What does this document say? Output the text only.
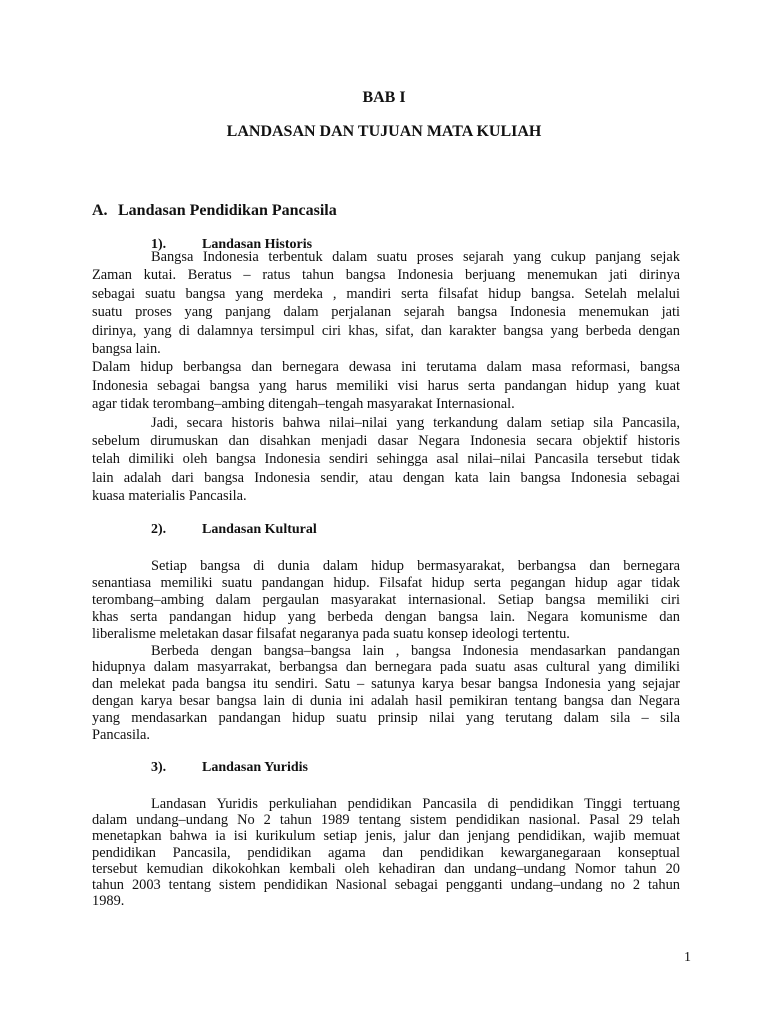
BAB I
LANDASAN DAN TUJUAN MATA KULIAH
A. Landasan Pendidikan Pancasila
1).	Landasan Historis
Bangsa Indonesia terbentuk dalam suatu proses sejarah yang cukup panjang sejak
Zaman kutai. Beratus – ratus tahun bangsa Indonesia berjuang menemukan jati dirinya
sebagai suatu bangsa yang merdeka , mandiri serta filsafat hidup bangsa. Setelah melalui
suatu proses yang panjang dalam perjalanan sejarah bangsa Indonesia menemukan jati
dirinya, yang di dalamnya tersimpul ciri khas, sifat, dan karakter bangsa yang berbeda dengan
bangsa lain.
Dalam hidup berbangsa dan bernegara dewasa ini terutama dalam masa reformasi, bangsa
Indonesia sebagai bangsa yang harus memiliki visi harus serta pandangan hidup yang kuat
agar tidak terombang–ambing ditengah–tengah masyarakat Internasional.
Jadi, secara historis bahwa nilai–nilai yang terkandung dalam setiap sila Pancasila,
sebelum dirumuskan dan disahkan menjadi dasar Negara Indonesia secara objektif historis
telah dimiliki oleh bangsa Indonesia sendiri sehingga asal nilai–nilai Pancasila tersebut tidak
lain adalah dari bangsa Indonesia sendir, atau dengan kata lain bangsa Indonesia sebagai
kuasa materialis Pancasila.
2).	Landasan Kultural
Setiap bangsa di dunia dalam hidup bermasyarakat, berbangsa dan bernegara
senantiasa memiliki suatu pandangan hidup. Filsafat hidup serta pegangan hidup agar tidak
terombang–ambing dalam pergaulan masyarakat internasional. Setiap bangsa memiliki ciri
khas serta pandangan hidup yang berbeda dengan bangsa lain. Negara komunisme dan
liberalisme meletakan dasar filsafat negaranya pada suatu konsep ideologi tertentu.
Berbeda dengan bangsa–bangsa lain , bangsa Indonesia mendasarkan pandangan
hidupnya dalam masyarrakat, berbangsa dan bernegara pada suatu asas cultural yang dimiliki
dan melekat pada bangsa itu sendiri. Satu – satunya karya besar bangsa Indonesia yang sejajar
dengan karya besar bangsa lain di dunia ini adalah hasil pemikiran tentang bangsa dan Negara
yang mendasarkan pandangan hidup suatu prinsip nilai yang terutang dalam sila – sila
Pancasila.
3).	Landasan Yuridis
Landasan Yuridis perkuliahan pendidikan Pancasila di pendidikan Tinggi tertuang
dalam undang–undang No 2 tahun 1989 tentang sistem pendidikan nasional. Pasal 29 telah
menetapkan bahwa ia isi kurikulum setiap jenis, jalur dan jenjang pendidikan, wajib memuat
pendidikan Pancasila, pendidikan agama dan pendidikan kewarganegaraan konseptual
tersebut kemudian dikokohkan kembali oleh kehadiran dan undang–undang Nomor tahun 20
tahun 2003 tentang sistem pendidikan Nasional sebagai pengganti undang–undang no 2 tahun
1989.
1
